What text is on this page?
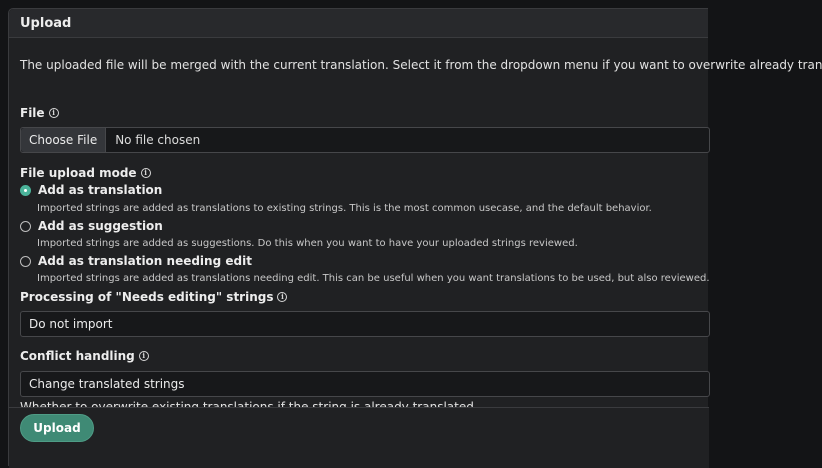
Upload
The uploaded file will be merged with the current translation. Select it from the dropdown menu if you want to overwrite already tran
File	i
Choose File	No file chosen
File upload mode	i
Add as translation
Imported strings are added as translations to existing strings. This is the most common usecase, and the default behavior.
Add as suggestion
Imported strings are added as suggestions. Do this when you want to have your uploaded strings reviewed.
Add as translation needing edit
Imported strings are added as translations needing edit. This can be useful when you want translations to be used, but also reviewed.
Processing of "Needs editing" strings	i
Do not import
Conflict handling	i
Change translated strings
Upload
